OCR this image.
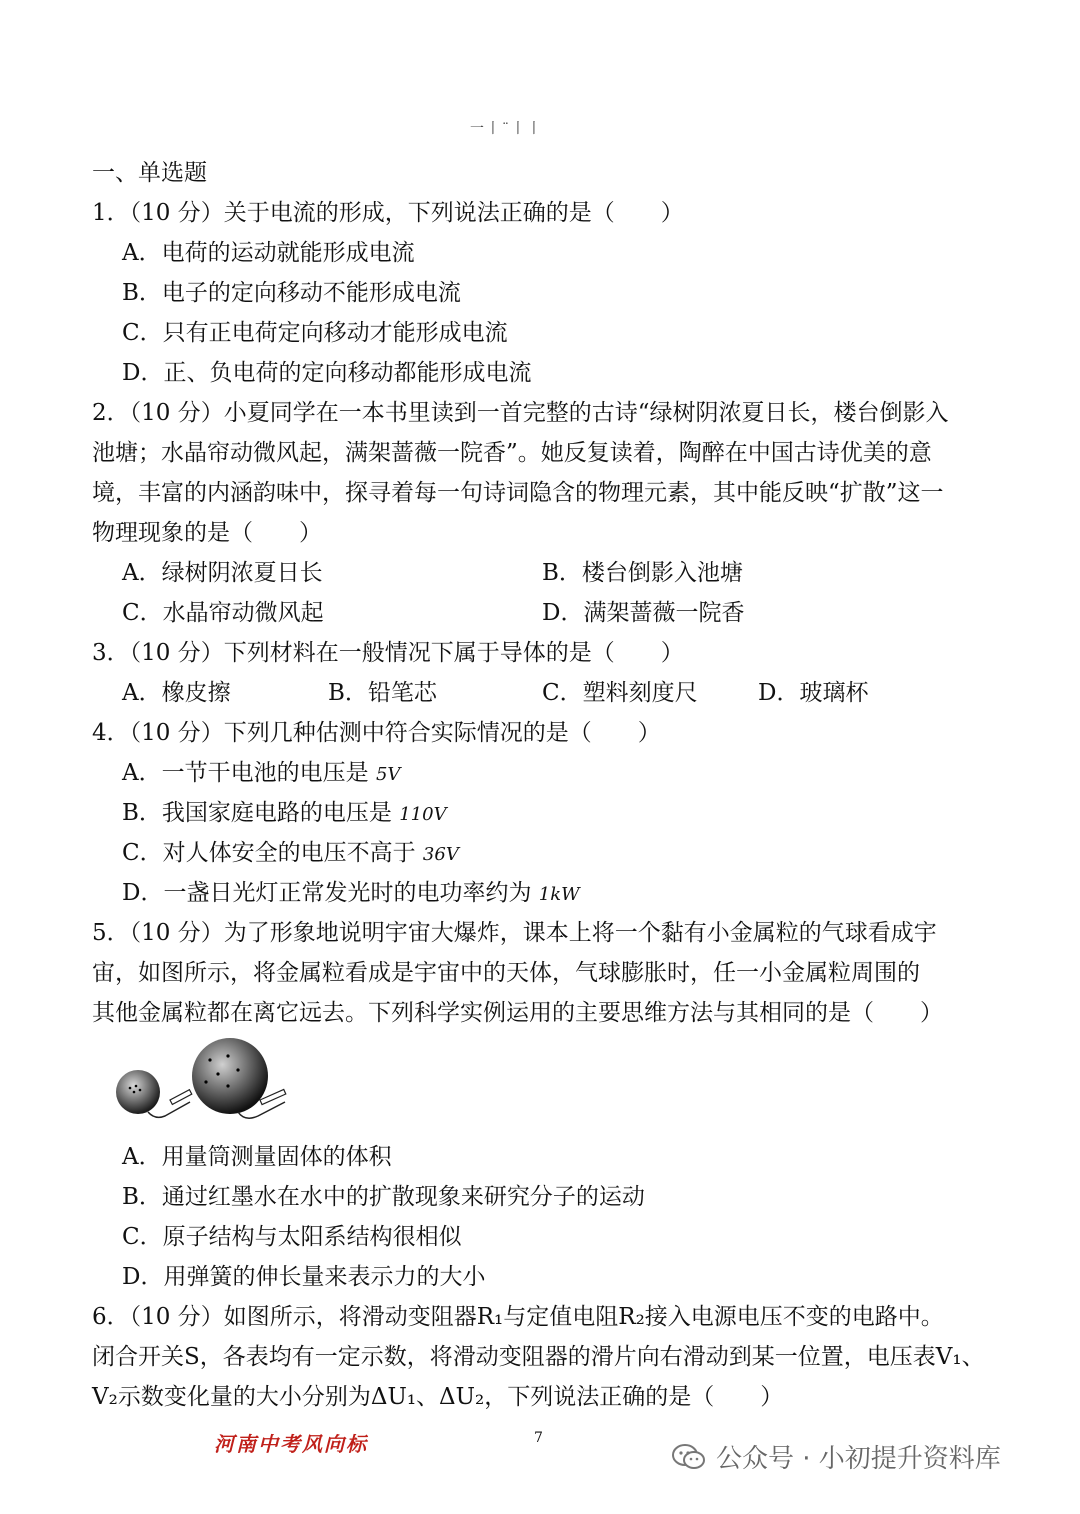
一丨¨丨丨
一、单选题
1．（10 分）关于电流的形成，下列说法正确的是（　　）
A．电荷的运动就能形成电流
B．电子的定向移动不能形成电流
C．只有正电荷定向移动才能形成电流
D．正、负电荷的定向移动都能形成电流
2．（10 分）小夏同学在一本书里读到一首完整的古诗“绿树阴浓夏日长，楼台倒影入
池塘；水晶帘动微风起，满架蔷薇一院香”。她反复读着，陶醉在中国古诗优美的意
境，丰富的内涵韵味中，探寻着每一句诗词隐含的物理元素，其中能反映“扩散”这一
物理现象的是（　　）
A．绿树阴浓夏日长	B．楼台倒影入池塘
C．水晶帘动微风起	D．满架蔷薇一院香
3．（10 分）下列材料在一般情况下属于导体的是（　　）
A．橡皮擦	B．铅笔芯	C．塑料刻度尺	D．玻璃杯
4．（10 分）下列几种估测中符合实际情况的是（　　）
A．一节干电池的电压是 5V
B．我国家庭电路的电压是 110V
C．对人体安全的电压不高于 36V
D．一盏日光灯正常发光时的电功率约为 1kW
5．（10 分）为了形象地说明宇宙大爆炸，课本上将一个黏有小金属粒的气球看成宇
宙，如图所示，将金属粒看成是宇宙中的天体，气球膨胀时，任一小金属粒周围的
其他金属粒都在离它远去。下列科学实例运用的主要思维方法与其相同的是（　　）
A．用量筒测量固体的体积
B．通过红墨水在水中的扩散现象来研究分子的运动
C．原子结构与太阳系结构很相似
D．用弹簧的伸长量来表示力的大小
6．（10 分）如图所示，将滑动变阻器R₁与定值电阻R₂接入电源电压不变的电路中。
闭合开关S，各表均有一定示数，将滑动变阻器的滑片向右滑动到某一位置，电压表V₁、
V₂示数变化量的大小分别为ΔU₁、ΔU₂，下列说法正确的是（　　）
河南中考风向标	7
公众号 · 小初提升资料库
